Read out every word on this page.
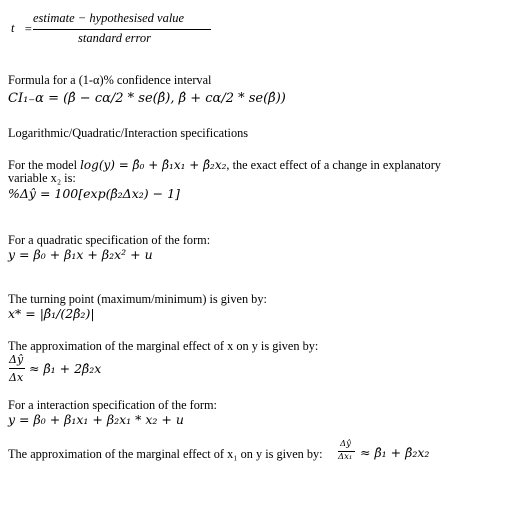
t =
estimate − hypothesised value
standard error
Formula for a (1-α)% confidence interval
CI₁₋α = (β̂ − cα/2 * se(β̂), β̂ + cα/2 * se(β̂))
Logarithmic/Quadratic/Interaction specifications
For the model log(y) = β̂₀ + β̂₁x₁ + β̂₂x₂, the exact effect of a change in explanatory
variable x₂ is:
%Δŷ = 100[exp(β̂₂Δx₂) − 1]
For a quadratic specification of the form:
y = β₀ + β₁x + β₂x² + u
The turning point (maximum/minimum) is given by:
x* = |β̂₁/(2β̂₂)|
The approximation of the marginal effect of x on y is given by:
Δŷ
Δx
≈ β̂₁ + 2β̂₂x
For a interaction specification of the form:
y = β₀ + β₁x₁ + β₂x₁ * x₂ + u
The approximation of the marginal effect of x₁ on y is given by:
Δŷ
Δx₁ ≈ β̂₁ + β̂₂x₂
